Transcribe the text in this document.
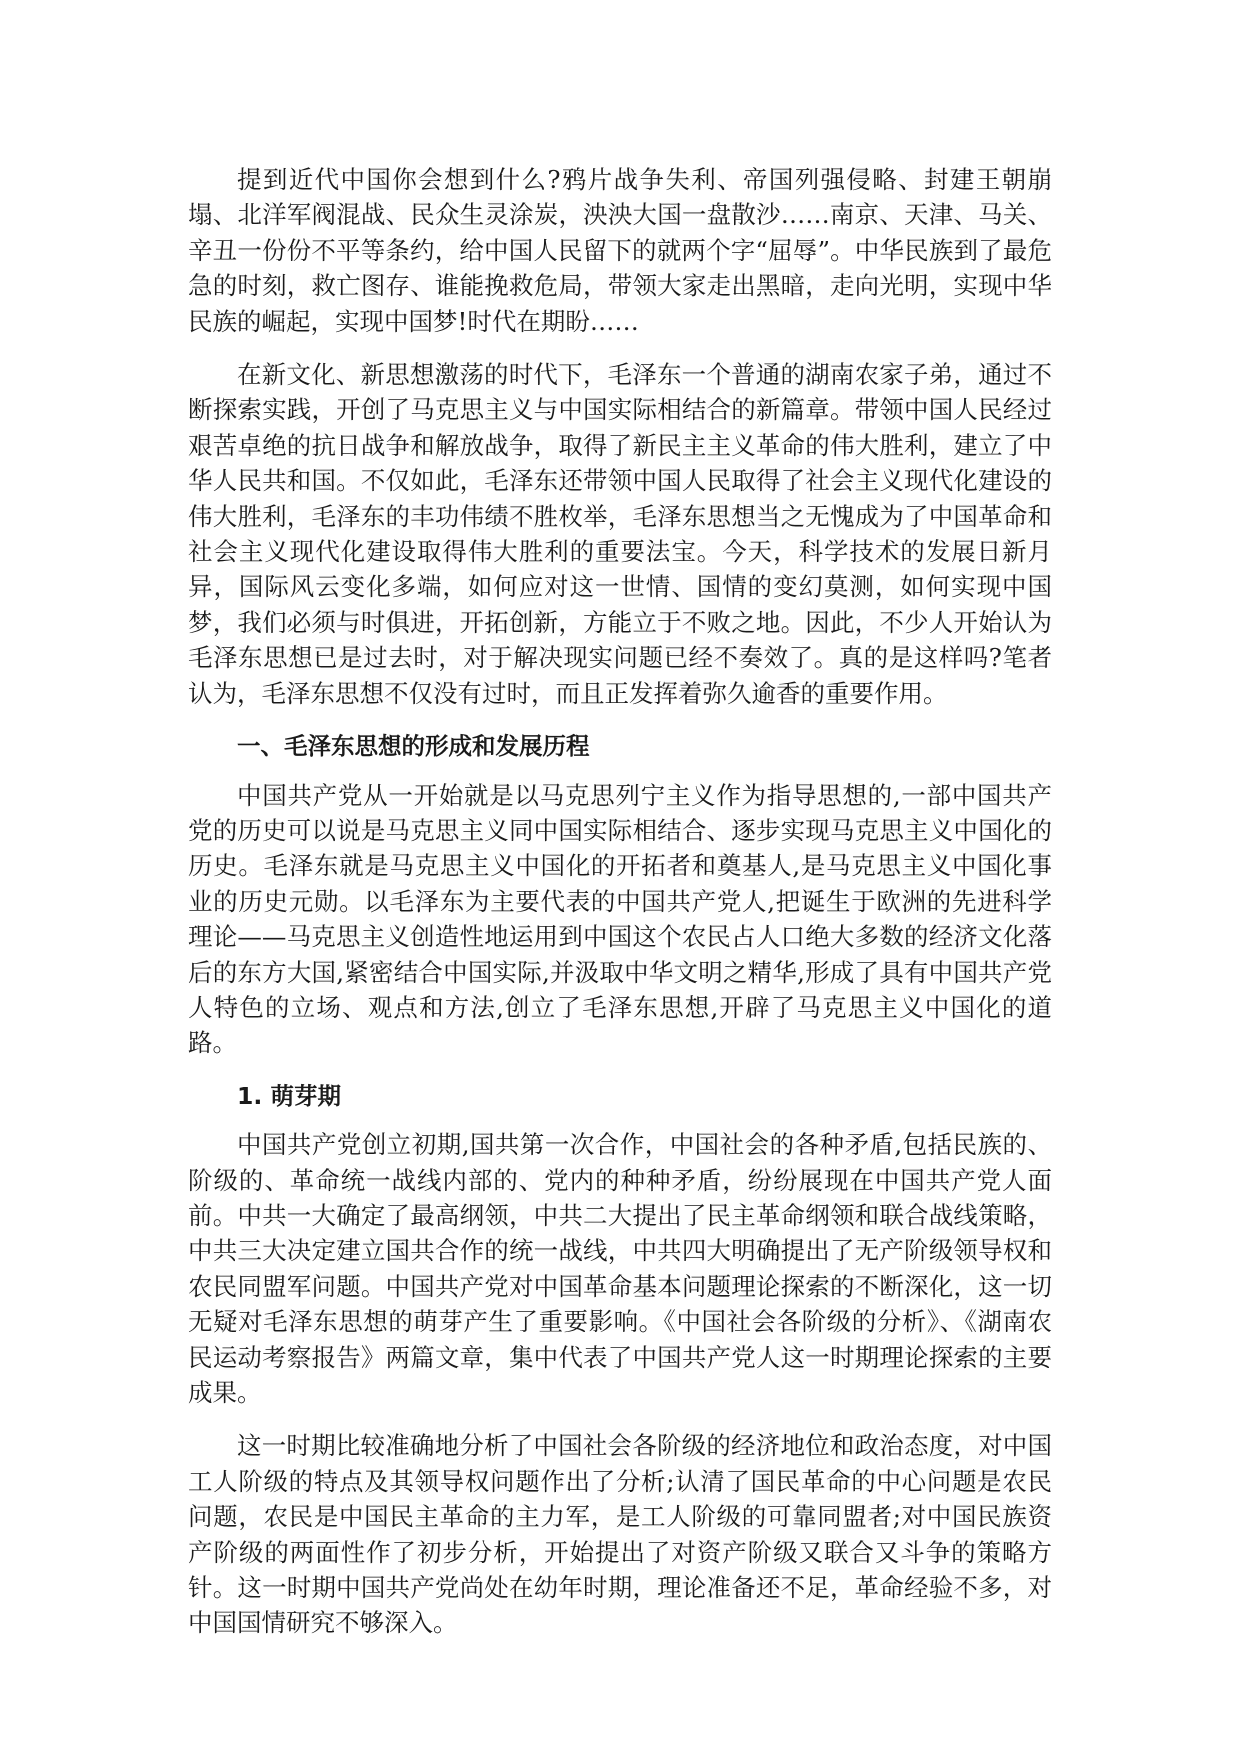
提到近代中国你会想到什么?鸦片战争失利、帝国列强侵略、封建王朝崩塌、北洋军阀混战、民众生灵涂炭，泱泱大国一盘散沙……南京、天津、马关、辛丑一份份不平等条约，给中国人民留下的就两个字“屈辱”。中华民族到了最危急的时刻，救亡图存、谁能挽救危局，带领大家走出黑暗，走向光明，实现中华民族的崛起，实现中国梦!时代在期盼……

在新文化、新思想激荡的时代下，毛泽东一个普通的湖南农家子弟，通过不断探索实践，开创了马克思主义与中国实际相结合的新篇章。带领中国人民经过艰苦卓绝的抗日战争和解放战争，取得了新民主主义革命的伟大胜利，建立了中华人民共和国。不仅如此，毛泽东还带领中国人民取得了社会主义现代化建设的伟大胜利，毛泽东的丰功伟绩不胜枚举，毛泽东思想当之无愧成为了中国革命和社会主义现代化建设取得伟大胜利的重要法宝。今天，科学技术的发展日新月异，国际风云变化多端，如何应对这一世情、国情的变幻莫测，如何实现中国梦，我们必须与时俱进，开拓创新，方能立于不败之地。因此，不少人开始认为毛泽东思想已是过去时，对于解决现实问题已经不奏效了。真的是这样吗?笔者认为，毛泽东思想不仅没有过时，而且正发挥着弥久逾香的重要作用。

一、毛泽东思想的形成和发展历程

中国共产党从一开始就是以马克思列宁主义作为指导思想的,一部中国共产党的历史可以说是马克思主义同中国实际相结合、逐步实现马克思主义中国化的历史。毛泽东就是马克思主义中国化的开拓者和奠基人,是马克思主义中国化事业的历史元勋。以毛泽东为主要代表的中国共产党人,把诞生于欧洲的先进科学理论——马克思主义创造性地运用到中国这个农民占人口绝大多数的经济文化落后的东方大国,紧密结合中国实际,并汲取中华文明之精华,形成了具有中国共产党人特色的立场、观点和方法,创立了毛泽东思想,开辟了马克思主义中国化的道路。

1. 萌芽期

中国共产党创立初期,国共第一次合作，中国社会的各种矛盾,包括民族的、阶级的、革命统一战线内部的、党内的种种矛盾，纷纷展现在中国共产党人面前。中共一大确定了最高纲领，中共二大提出了民主革命纲领和联合战线策略，中共三大决定建立国共合作的统一战线，中共四大明确提出了无产阶级领导权和农民同盟军问题。中国共产党对中国革命基本问题理论探索的不断深化，这一切无疑对毛泽东思想的萌芽产生了重要影响。《中国社会各阶级的分析》、《湖南农民运动考察报告》两篇文章，集中代表了中国共产党人这一时期理论探索的主要成果。

这一时期比较准确地分析了中国社会各阶级的经济地位和政治态度，对中国工人阶级的特点及其领导权问题作出了分析;认清了国民革命的中心问题是农民问题，农民是中国民主革命的主力军，是工人阶级的可靠同盟者;对中国民族资产阶级的两面性作了初步分析，开始提出了对资产阶级又联合又斗争的策略方针。这一时期中国共产党尚处在幼年时期，理论准备还不足，革命经验不多，对中国国情研究不够深入。
